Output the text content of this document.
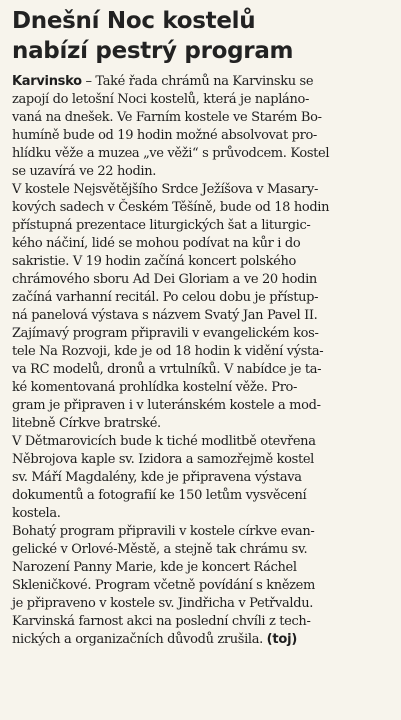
Dnešní Noc kostelů
nabízí pestrý program
Karvinsko – Také řada chrámů na Karvinsku se
zapojí do letošní Noci kostelů, která je naplánо-
vaná na dnešek. Ve Farním kostele ve Starém Bo-
humíně bude od 19 hodin možné absolvovat pro-
hlídku věže a muzea „ve věži“ s průvodcem. Kostel
se uzavírá ve 22 hodin.
V kostele Nejsvětějšího Srdce Ježíšova v Masary-
kových sadech v Českém Těšíně, bude od 18 hodin
přístupná prezentace liturgických šat a liturgic-
kého náčiní, lidé se mohou podívat na kůr i do
sakristie. V 19 hodin začíná koncert polského
chrámového sboru Ad Dei Gloriam a ve 20 hodin
začíná varhanní recitál. Po celou dobu je přístup-
ná panelová výstava s názvem Svatý Jan Pavel II.
Zajímavý program připravili v evangelickém kos-
tele Na Rozvoji, kde je od 18 hodin k vidění výsta-
va RC modelů, dronů a vrtulníků. V nabídce je ta-
ké komentovaná prohlídka kostelní věže. Pro-
gram je připraven i v luteránském kostele a mod-
litebně Církve bratrské.
V Dětmarovicích bude k tiché modlitbě otevřena
Něbrojova kaple sv. Izidora a samozřejmě kostel
sv. Máří Magdalény, kde je připravena výstava
dokumentů a fotografií ke 150 letům vysvěcení
kostela.
Bohatý program připravili v kostele církve evan-
gelické v Orlové-Městě, a stejně tak chrámu sv.
Narození Panny Marie, kde je koncert Ráchel
Skleničkové. Program včetně povídání s knězem
je připraveno v kostele sv. Jindřicha v Petřvaldu.
Karvinská farnost akci na poslední chvíli z tech-
nických a organizačních důvodů zrušila. (toj)
